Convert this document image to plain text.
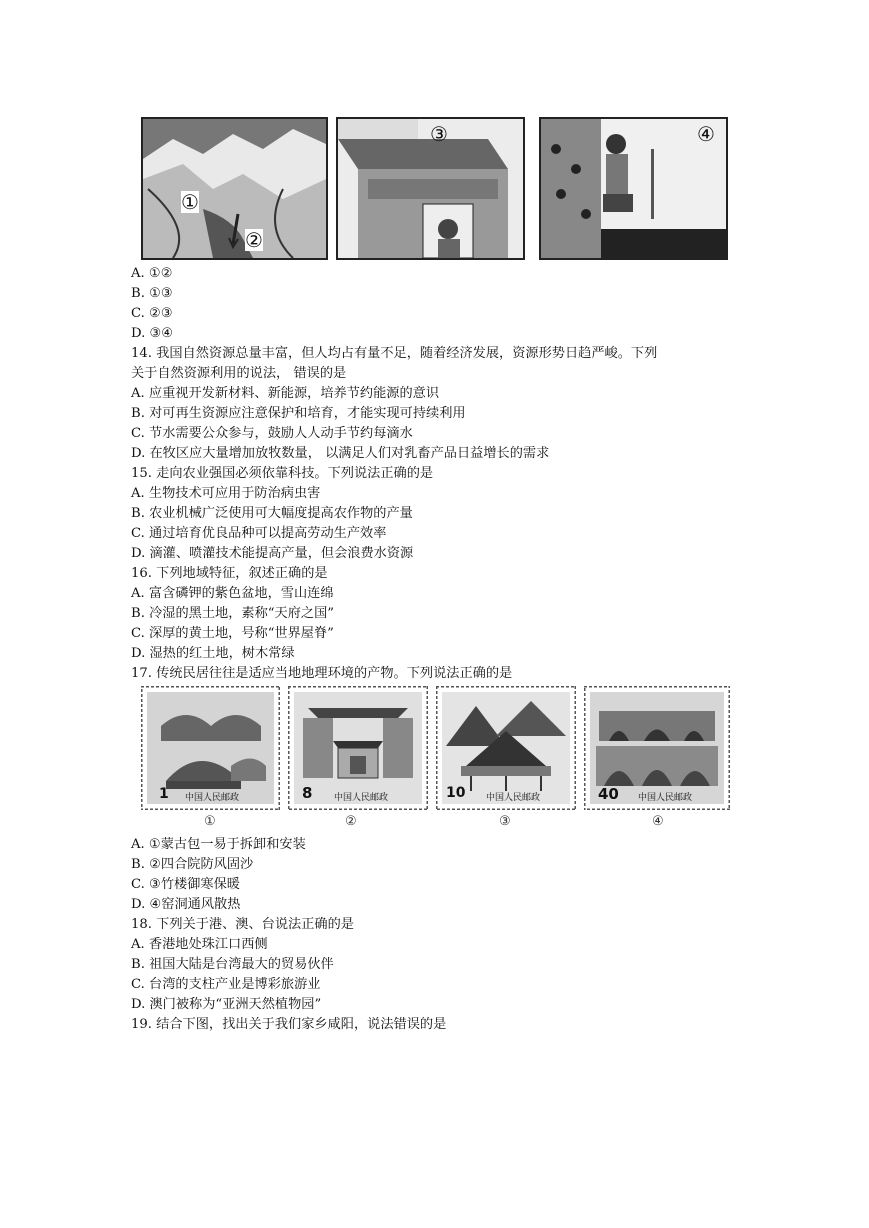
①
②
③	④
A. ①②
B. ①③
C. ②③
D. ③④
14. 我国自然资源总量丰富，但人均占有量不足，随着经济发展，资源形势日趋严峻。下列
关于自然资源利用的说法， 错误的是
A. 应重视开发新材料、新能源，培养节约能源的意识
B. 对可再生资源应注意保护和培育，才能实现可持续利用
C. 节水需要公众参与，鼓励人人动手节约每滴水
D. 在牧区应大量增加放牧数量， 以满足人们对乳畜产品日益增长的需求
15. 走向农业强国必须依靠科技。下列说法正确的是
A. 生物技术可应用于防治病虫害
B. 农业机械广泛使用可大幅度提高农作物的产量
C. 通过培育优良品种可以提高劳动生产效率
D. 滴灌、喷灌技术能提高产量，但会浪费水资源
16. 下列地域特征，叙述正确的是
A. 富含磷钾的紫色盆地，雪山连绵
B. 冷湿的黑土地，素称“天府之国”
C. 深厚的黄土地，号称“世界屋脊”
D. 湿热的红土地，树木常绿
17. 传统民居往往是适应当地地理环境的产物。下列说法正确的是
1 中国人民邮政	8 中国人民邮政	10 中国人民邮政	40 中国人民邮政
①	②	③	④
A. ①蒙古包一易于拆卸和安装
B. ②四合院防风固沙
C. ③竹楼御寒保暖
D. ④窑洞通风散热
18. 下列关于港、澳、台说法正确的是
A. 香港地处珠江口西侧
B. 祖国大陆是台湾最大的贸易伙伴
C. 台湾的支柱产业是博彩旅游业
D. 澳门被称为“亚洲天然植物园”
19. 结合下图，找出关于我们家乡咸阳，说法错误的是
